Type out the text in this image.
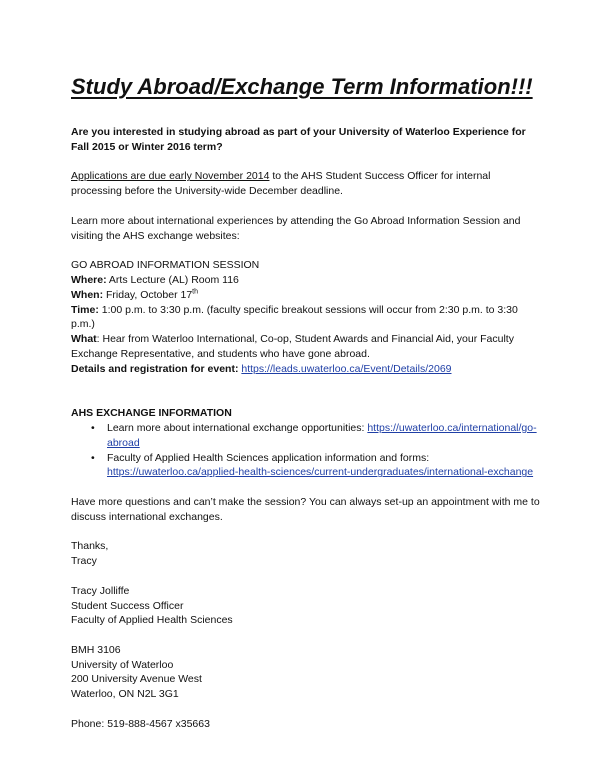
Study Abroad/Exchange Term Information!!!

Are you interested in studying abroad as part of your University of Waterloo Experience for Fall 2015 or Winter 2016 term?

Applications are due early November 2014 to the AHS Student Success Officer for internal processing before the University-wide December deadline.

Learn more about international experiences by attending the Go Abroad Information Session and visiting the AHS exchange websites:

GO ABROAD INFORMATION SESSION

Where: Arts Lecture (AL) Room 116

When: Friday, October 17th

Time: 1:00 p.m. to 3:30 p.m. (faculty specific breakout sessions will occur from 2:30 p.m. to 3:30 p.m.)

What: Hear from Waterloo International, Co-op, Student Awards and Financial Aid, your Faculty Exchange Representative, and students who have gone abroad.

Details and registration for event: https://leads.uwaterloo.ca/Event/Details/2069

AHS EXCHANGE INFORMATION

• Learn more about international exchange opportunities: https://uwaterloo.ca/international/go-abroad
• Faculty of Applied Health Sciences application information and forms: https://uwaterloo.ca/applied-health-sciences/current-undergraduates/international-exchange

Have more questions and can’t make the session? You can always set-up an appointment with me to discuss international exchanges.

Thanks,

Tracy

Tracy Jolliffe

Student Success Officer

Faculty of Applied Health Sciences

BMH 3106

University of Waterloo

200 University Avenue West

Waterloo, ON N2L 3G1

Phone: 519-888-4567 x35663
